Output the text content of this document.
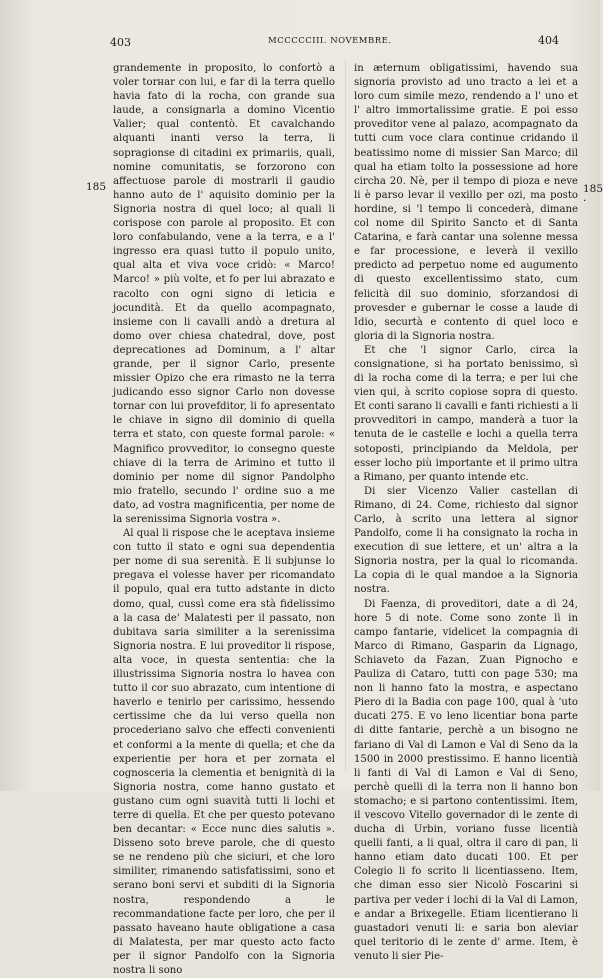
403	MCCCCCIII. NOVEMBRE.	404
185	185 ·

grandemente in proposito, lo confortò a voler torнar con lui, e far di la terra quello havia fato di la rocha, con grande sua laude, a consignarla a domino Vicentio Valier; qual contentò. Et cavalchando alquanti inanti verso la terra, li sopragionse di citadini ex primariis, quali, nomine comunitatis, se forzorono con affectuose parole di mostrarli il gaudio hanno auto de l' aquisito dominio per la Signoria nostra di quel loco; al quali li corispose con parole al proposito. Et con loro confabulando, vene a la terra, e a l' ingresso era quasi tutto il populo unito, qual alta et viva voce cridò: « Marco! Marco! » più volte, et fo per lui abrazato e racolto con ogni signo di leticia e jocundità. Et da quello acompagnato, insieme con li cavalli andò a dretura al domo over chiesa chatedral, dove, post deprecationes ad Dominum, a l' altar grande, per il signor Carlo, presente missier Opizo che era rimasto ne la terra judicando esso signor Carlo non dovesse tornar con lui provefditor, li fo apresentato le chiave in signo dil dominio di quella terra et stato, con queste formal parole: « Magnifico provveditor, io consegno queste chiave di la terra de Arimino et tutto il dominio per nome dil signor Pandolpho mio fratello, secundo l' ordine suo a me dato, ad vostra magnificentia, per nome de la serenissima Signoria vostra ».

Al qual li rispose che le aceptava insieme con tutto il stato e ogni sua dependentia per nome di sua serenità. E li subjunse lo pregava el volesse haver per ricomandato il populo, qual era tutto adstante in dicto domo, qual, cussì come era stà fidelissimo a la casa de' Malatesti per il passato, non dubitava saria similiter a la serenissima Signoria nostra. E lui proveditor li rispose, alta voce, in questa sententia: che la illustrissima Signoria nostra lo havea con tutto il cor suo abrazato, cum intentione di haverlo e tenirlo per carissimo, hessendo certissime che da lui verso quella non procederiano salvo che effecti convenienti et conformi a la mente di quella; et che da experientie per hora et per zornata el cognosceria la clementia et benignità di la Signoria nostra, come hanno gustato et gustano cum ogni suavità tutti li lochi et terre di quella. Et che per questo potevano ben decantar: « Ecce nunc dies salutis ». Disseno soto breve parole, che di questo se ne rendeno più che siciuri, et che loro similiter, rimanendo satisfatissimi, sono et serano boni servi et subditi di la Signoria nostra, respondendo a le recommandatione facte per loro, che per il passato haveano haute obligatione a casa di Malatesta, per mar questo acto facto per il signor Pandolfo con la Signoria nostra li sono

in æternum obligatissimi, havendo sua signoria provisto ad uno tracto a lei et a loro cum simile mezo, rendendo a l' uno et l' altro immortalissime gratie. E poi esso proveditor vene al palazo, acompagnato da tutti cum voce clara continue cridando il beatissimo nome di missier San Marco; dil qual ha etiam tolto la possessione ad hore circha 20. Nè, per il tempo di pioza e neve li è parso levar il vexillo per ozi, ma posto hordine, si 'l tempo li concederà, dimane col nome dil Spirito Sancto et di Santa Catarina, e farà cantar una solenne messa e far processione, e leverà il vexillo predicto ad perpetuo nome ed augumento di questo excellentissimo stato, cum felicità dil suo dominio, sforzandosi di provesder e gubernar le cosse a laude di Idio, securtà e contento di quel loco e gloria di la Signoria nostra.

Et che 'l signor Carlo, circa la consignatione, si ha portato benissimo, sì di la rocha come di la terra; e per lui che vien qui, à scrito copiose sopra di questo. Et conti sarano li cavalli e fanti richiesti a li provveditori in campo, manderà a tuor la tenuta de le castelle e lochi a quella terra sotoposti, principiando da Meldola, per esser locho più importante et il primo ultra a Rimano, per quanto intende etc.

Di sier Vicenzo Valier castellan di Rimano, di 24. Come, richiesto dal signor Carlo, à scrito una lettera al signor Pandolfo, come li ha consignato la rocha in execution di sue lettere, et un' altra a la Signoria nostra, per la qual lo ricomanda. La copia di le qual mandoe a la Signoria nostra.

Di Faenza, di proveditori, date a dì 24, hore 5 di note. Come sono zonte lì in campo fantarie, videlicet la compagnia di Marco di Rimano, Gasparin da Lignago, Schiaveto da Fazan, Zuan Pignocho e Pauliza di Cataro, tutti con page 530; ma non li hanno fato la mostra, e aspectano Piero di la Badia con page 100, qual à 'uto ducati 275. E vo leno licentiar bona parte di ditte fantarie, perchè a un bisogno ne fariano di Val di Lamon e Val di Seno da la 1500 in 2000 prestissimo. E hanno licentià li fanti di Val di Lamon e Val di Seno, perchè quelli di la terra non li hanno bon stomacho; e si partono contentissimi. Item, il vescovo Vitello governador di le zente di ducha di Urbin, voriano fusse licentià quelli fanti, a li qual, oltra il caro di pan, li hanno etiam dato ducati 100. Et per Colegio li fo scrito li licentiasseno. Item, che diman esso sier Nicolò Foscarini si partiva per veder i lochi di la Val di Lamon, e andar a Brixegelle. Etiam licentierano li guastadori venuti li: e saria bon aleviar quel teritorio di le zente d' arme. Item, è venuto li sier Pie-
